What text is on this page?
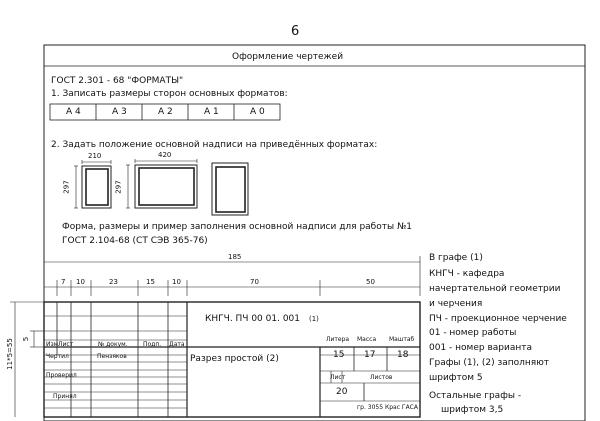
6
Оформление чертежей
ГОСТ 2.301 - 68 "ФОРМАТЫ"
1. Записать размеры сторон основных форматов:
А 4	А 3	А 2	А 1	А 0
2. Задать положение основной надписи на приведённых форматах:
210	420
297	297
Форма, размеры и пример заполнения основной надписи для работы №1
ГОСТ 2.104-68 (СТ СЭВ 365-76)
185
7 10	23	15 10	70	50
5
11*5=55
КНГЧ. ПЧ 00 01. 001 (1)
Разрез простой (2)
Изм Лист	№ докум.	Подп. Дата
Чертил	Пензяков
Проверил
Принял
Литера Масса Маштаб
15 17 18
Лист	Листов
20
гр. 3055 Крас ГАСА
В графе (1)
КНГЧ - кафедра
начертательной геометрии
и черчения
ПЧ - проекционное черчение
01 - номер работы
001 - номер варианта
Графы (1), (2) заполняют
шрифтом 5
Остальные графы -
шрифтом 3,5
